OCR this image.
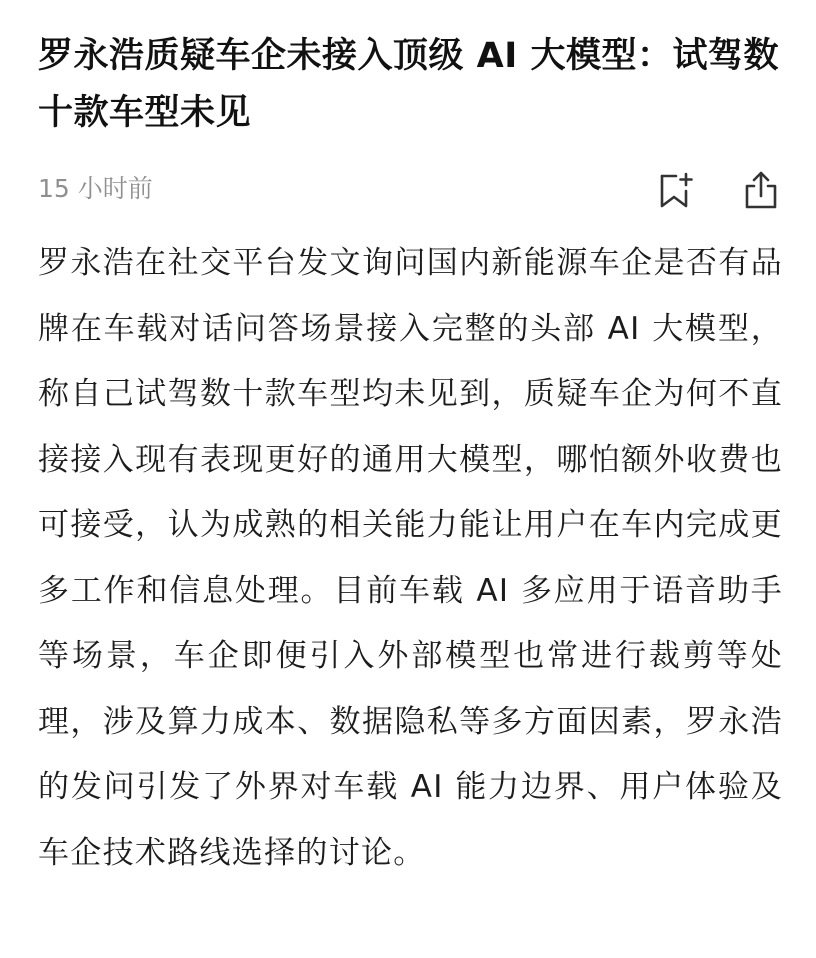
罗永浩质疑车企未接入顶级 AI 大模型：试驾数十款车型未见
15 小时前

罗永浩在社交平台发文询问国内新能源车企是否有品牌在车载对话问答场景接入完整的头部 AI 大模型，称自己试驾数十款车型均未见到，质疑车企为何不直接接入现有表现更好的通用大模型，哪怕额外收费也可接受，认为成熟的相关能力能让用户在车内完成更多工作和信息处理。目前车载 AI 多应用于语音助手等场景，车企即便引入外部模型也常进行裁剪等处理，涉及算力成本、数据隐私等多方面因素，罗永浩的发问引发了外界对车载 AI 能力边界、用户体验及车企技术路线选择的讨论。
